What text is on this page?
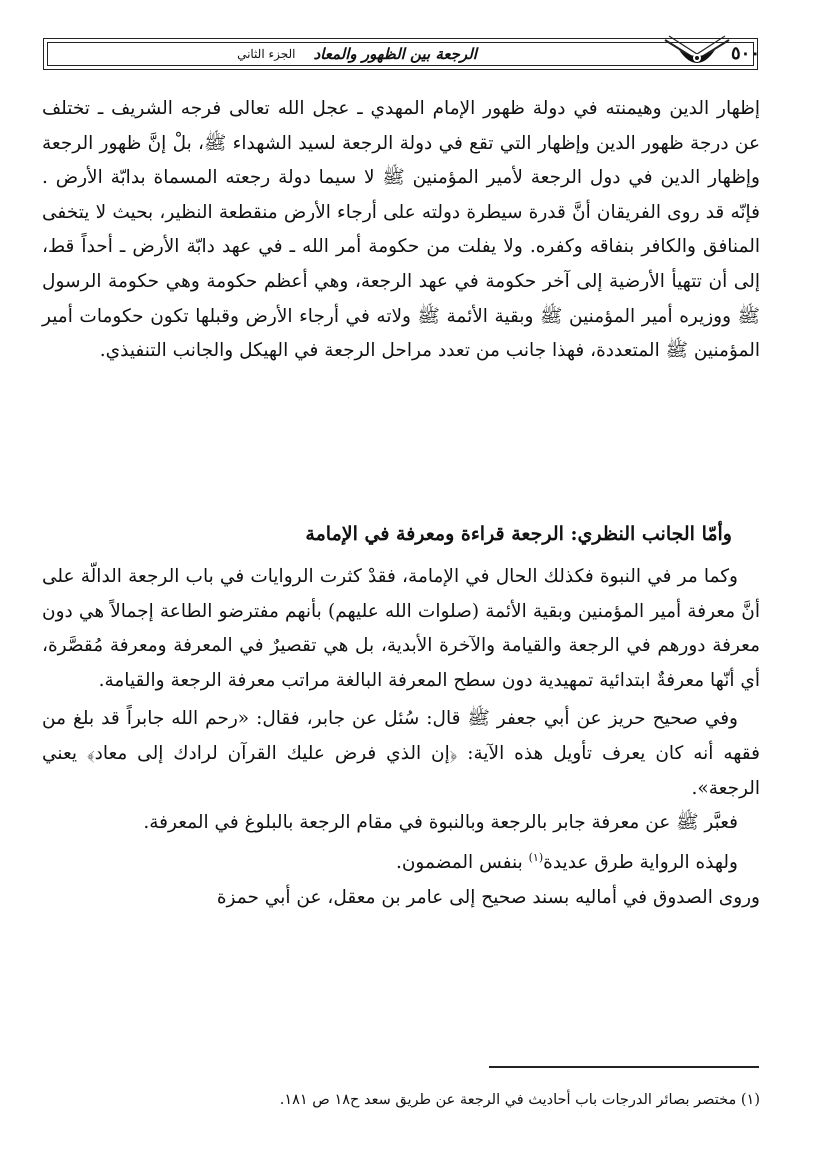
الرجعة بين الظهور والمعاد
الجزء الثاني	٥٠٠

إظهار الدين وهيمنته في دولة ظهور الإمام المهدي ـ عجل الله تعالى فرجه الشريف ـ تختلف عن درجة ظهور الدين وإظهار التي تقع في دولة الرجعة لسيد الشهداء ﷺ، بلْ إنَّ ظهور الرجعة وإظهار الدين في دول الرجعة لأمير المؤمنين ﷺ لا سيما دولة رجعته المسماة بدابّة الأرض . فإنّه قد روى الفريقان أنَّ قدرة سيطرة دولته على أرجاء الأرض منقطعة النظير، بحيث لا يتخفى المنافق والكافر بنفاقه وكفره. ولا يفلت من حكومة أمر الله ـ في عهد دابّة الأرض ـ أحداً قط، إلى أن تتهيأ الأرضية إلى آخر حكومة في عهد الرجعة، وهي أعظم حكومة وهي حكومة الرسول ﷺ ووزيره أمير المؤمنين ﷺ وبقية الأئمة ﷺ ولاته في أرجاء الأرض وقبلها تكون حكومات أمير المؤمنين ﷺ المتعددة، فهذا جانب من تعدد مراحل الرجعة في الهيكل والجانب التنفيذي.

وأمّا الجانب النظري: الرجعة قراءة ومعرفة في الإمامة

وكما مر في النبوة فكذلك الحال في الإمامة، فقدْ كثرت الروايات في باب الرجعة الدالّة على أنَّ معرفة أمير المؤمنين وبقية الأئمة (صلوات الله عليهم) بأنهم مفترضو الطاعة إجمالاً هي دون معرفة دورهم في الرجعة والقيامة والآخرة الأبدية، بل هي تقصيرٌ في المعرفة ومعرفة مُقصَّرة، أي أنّها معرفةٌ ابتدائية تمهيدية دون سطح المعرفة البالغة مراتب معرفة الرجعة والقيامة.

وفي صحيح حريز عن أبي جعفر ﷺ قال: سُئل عن جابر، فقال: «رحم الله جابراً قد بلغ من فقهه أنه كان يعرف تأويل هذه الآية: ﴿إن الذي فرض عليك القرآن لرادك إلى معاد﴾ يعني الرجعة».

فعبَّر ﷺ عن معرفة جابر بالرجعة وبالنبوة في مقام الرجعة بالبلوغ في المعرفة.

ولهذه الرواية طرق عديدة$^{(١)}$ بنفس المضمون.

وروى الصدوق في أماليه بسند صحيح إلى عامر بن معقل، عن أبي حمزة

(١) مختصر بصائر الدرجات باب أحاديث في الرجعة عن طريق سعد ح١٨ ص ١٨١.
